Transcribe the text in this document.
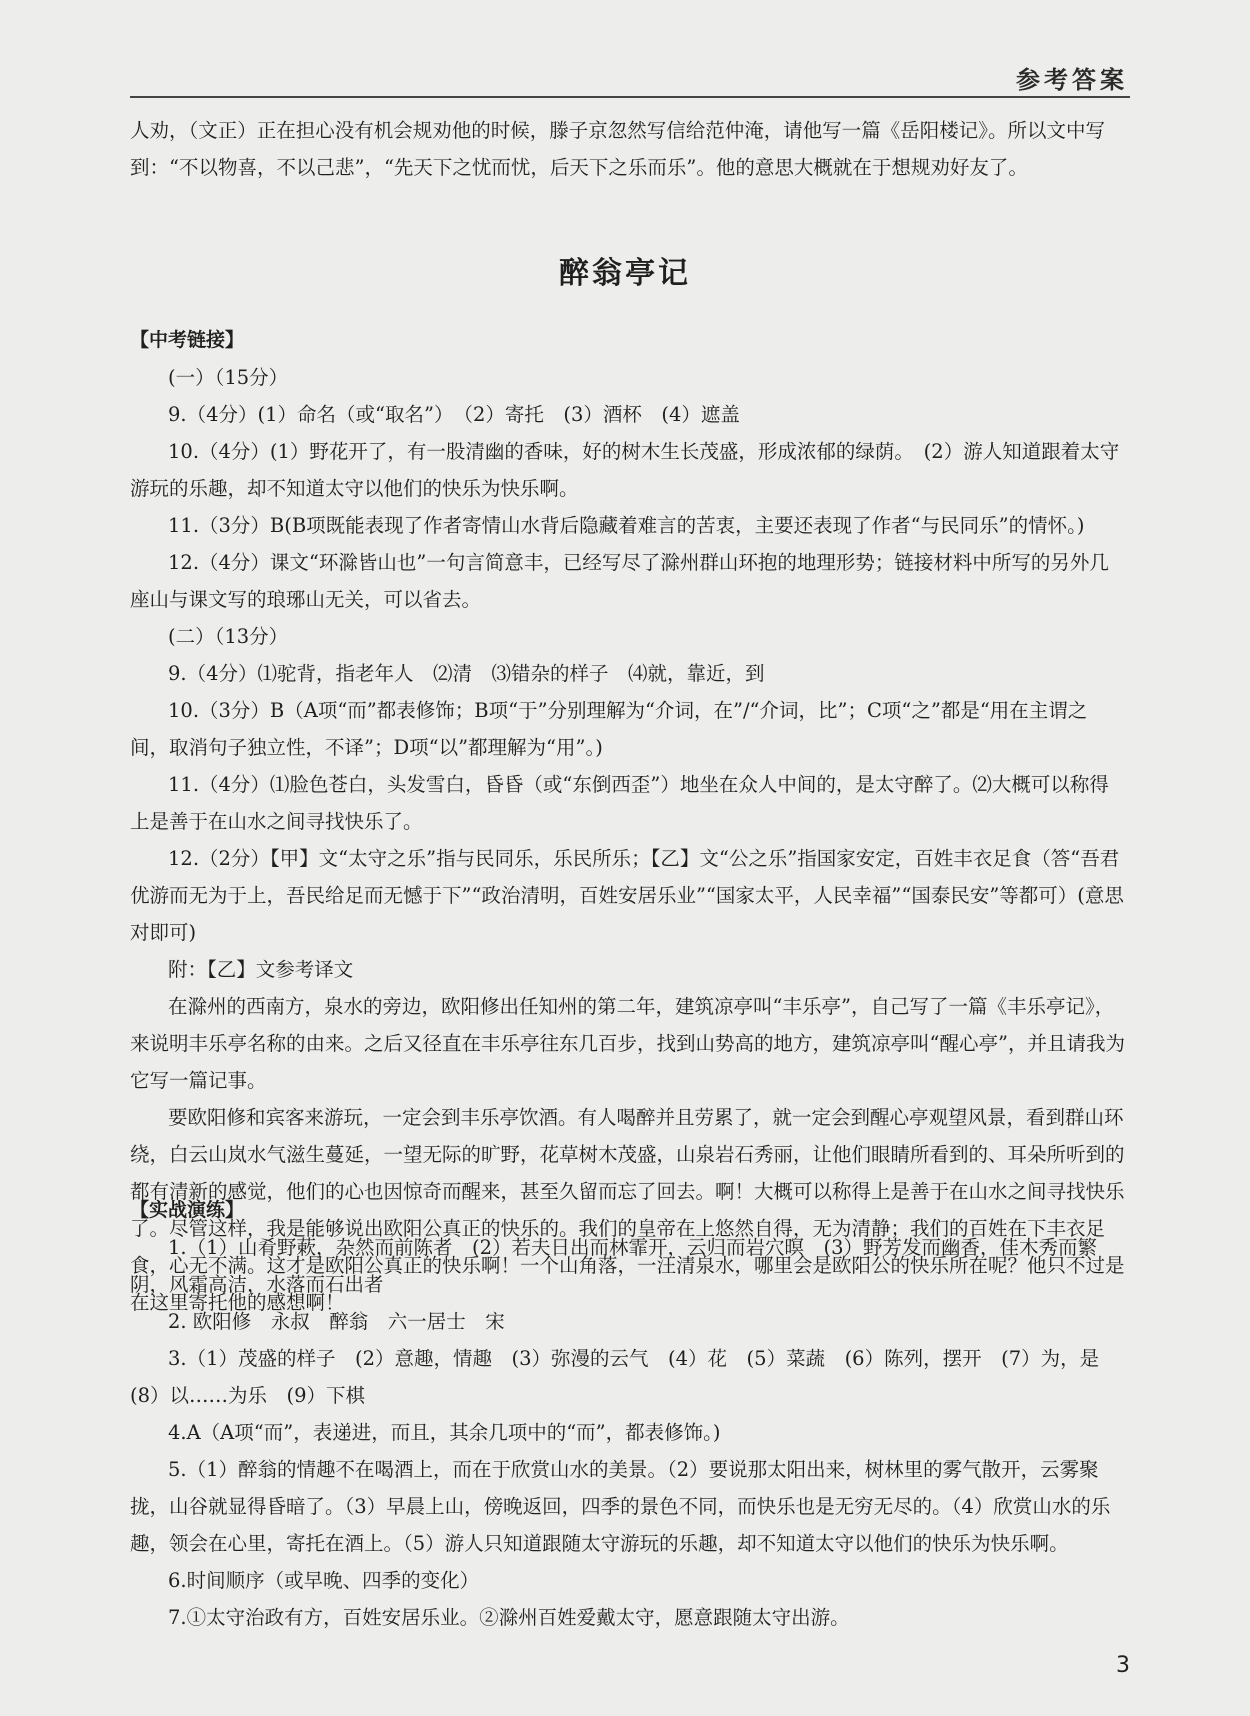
参考答案

人劝，（文正）正在担心没有机会规劝他的时候，滕子京忽然写信给范仲淹，请他写一篇《岳阳楼记》。所以文中写

到：“不以物喜，不以己悲”，“先天下之忧而忧，后天下之乐而乐”。他的意思大概就在于想规劝好友了。

醉翁亭记
【中考链接】

(一）（15分）

9.（4分）(1）命名（或“取名”）　（2）寄托　(3）酒杯　(4）遮盖

10.（4分）(1）野花开了，有一股清幽的香味，好的树木生长茂盛，形成浓郁的绿荫。　(2）游人知道跟着太守游玩的乐趣，却不知道太守以他们的快乐为快乐啊。

11.（3分）B(B项既能表现了作者寄情山水背后隐藏着难言的苦衷，主要还表现了作者“与民同乐”的情怀。)

12.（4分）课文“环滁皆山也”一句言简意丰，已经写尽了滁州群山环抱的地理形势；链接材料中所写的另外几座山与课文写的琅琊山无关，可以省去。

(二）（13分）

9.（4分）⑴驼背，指老年人　⑵清　⑶错杂的样子　⑷就，靠近，到

10.（3分）B（A项“而”都表修饰；B项“于”分别理解为“介词，在”/“介词，比”；C项“之”都是“用在主谓之间，取消句子独立性，不译”；D项“以”都理解为“用”。)

11.（4分）⑴脸色苍白，头发雪白，昏昏（或“东倒西歪”）地坐在众人中间的，是太守醉了。⑵大概可以称得上是善于在山水之间寻找快乐了。

12.（2分）【甲】文“太守之乐”指与民同乐，乐民所乐；【乙】文“公之乐”指国家安定，百姓丰衣足食（答“吾君优游而无为于上，吾民给足而无憾于下”“政治清明，百姓安居乐业”“国家太平，人民幸福”“国泰民安”等都可）(意思对即可)

附：【乙】文参考译文

在滁州的西南方，泉水的旁边，欧阳修出任知州的第二年，建筑凉亭叫“丰乐亭”，自己写了一篇《丰乐亭记》，来说明丰乐亭名称的由来。之后又径直在丰乐亭往东几百步，找到山势高的地方，建筑凉亭叫“醒心亭”，并且请我为它写一篇记事。

要欧阳修和宾客来游玩，一定会到丰乐亭饮酒。有人喝醉并且劳累了，就一定会到醒心亭观望风景，看到群山环绕，白云山岚水气滋生蔓延，一望无际的旷野，花草树木茂盛，山泉岩石秀丽，让他们眼睛所看到的、耳朵所听到的都有清新的感觉，他们的心也因惊奇而醒来，甚至久留而忘了回去。啊！大概可以称得上是善于在山水之间寻找快乐了。尽管这样，我是能够说出欧阳公真正的快乐的。我们的皇帝在上悠然自得，无为清静；我们的百姓在下丰衣足食，心无不满。这才是欧阳公真正的快乐啊！一个山角落，一汪清泉水，哪里会是欧阳公的快乐所在呢？他只不过是在这里寄托他的感想啊！

【实战演练】

1.（1）山肴野蔌，杂然而前陈者　(2）若夫日出而林霏开，云归而岩穴暝　(3）野芳发而幽香，佳木秀而繁阴，风霜高洁，水落而石出者

2. 欧阳修　永叔　醉翁　六一居士　宋

3.（1）茂盛的样子　(2）意趣，情趣　(3）弥漫的云气　(4）花　(5）菜蔬　(6）陈列，摆开　(7）为，是　(8）以……为乐　(9）下棋

4.A（A项“而”，表递进，而且，其余几项中的“而”，都表修饰。)

5.（1）醉翁的情趣不在喝酒上，而在于欣赏山水的美景。（2）要说那太阳出来，树林里的雾气散开，云雾聚拢，山谷就显得昏暗了。（3）早晨上山，傍晚返回，四季的景色不同，而快乐也是无穷无尽的。（4）欣赏山水的乐趣，领会在心里，寄托在酒上。（5）游人只知道跟随太守游玩的乐趣，却不知道太守以他们的快乐为快乐啊。

6.时间顺序（或早晚、四季的变化）

7.①太守治政有方，百姓安居乐业。②滁州百姓爱戴太守，愿意跟随太守出游。

3
